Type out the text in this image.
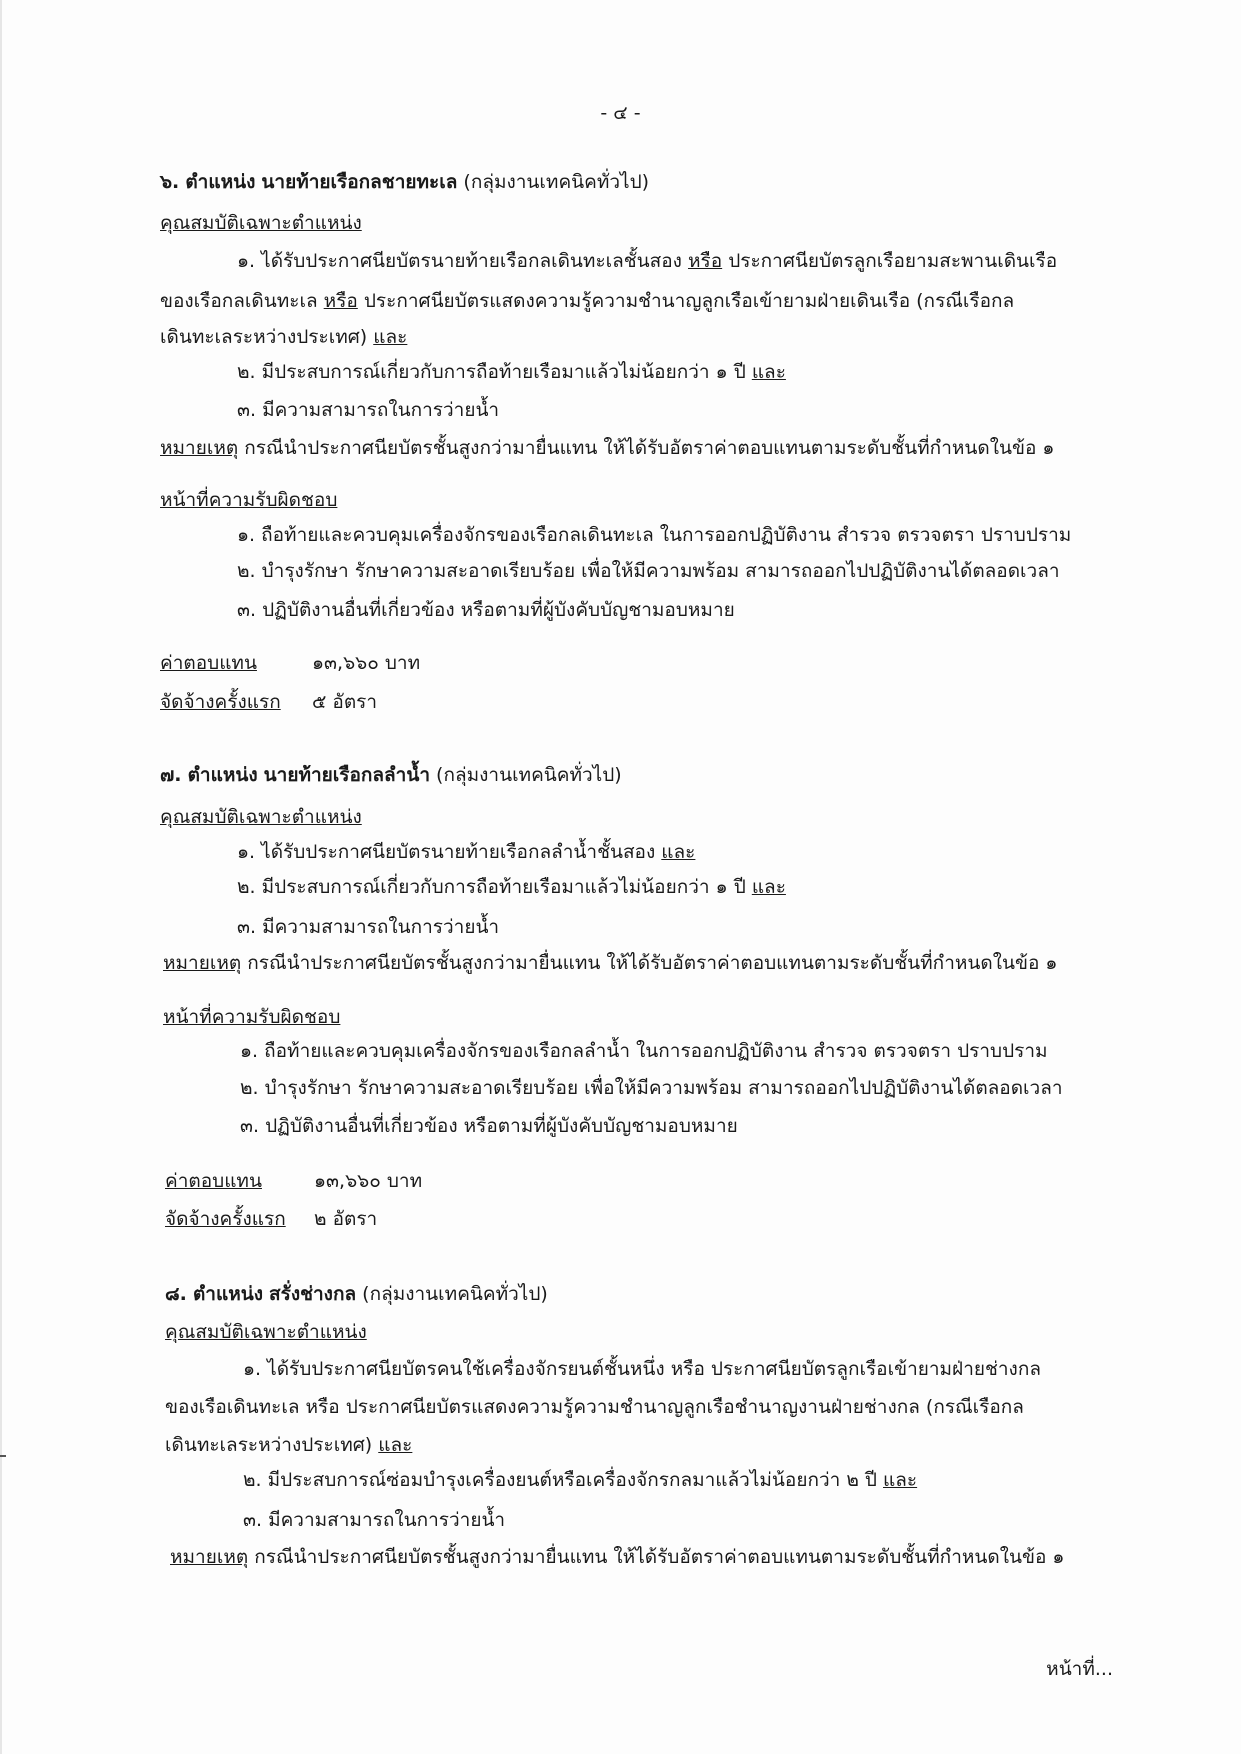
- ๔ -
๖. ตำแหน่ง นายท้ายเรือกลชายทะเล (กลุ่มงานเทคนิคทั่วไป)
คุณสมบัติเฉพาะตำแหน่ง
๑. ได้รับประกาศนียบัตรนายท้ายเรือกลเดินทะเลชั้นสอง หรือ ประกาศนียบัตรลูกเรือยามสะพานเดินเรือ
ของเรือกลเดินทะเล หรือ ประกาศนียบัตรแสดงความรู้ความชำนาญลูกเรือเข้ายามฝ่ายเดินเรือ (กรณีเรือกล
เดินทะเลระหว่างประเทศ) และ
๒. มีประสบการณ์เกี่ยวกับการถือท้ายเรือมาแล้วไม่น้อยกว่า ๑ ปี และ
๓. มีความสามารถในการว่ายน้ำ
หมายเหตุ กรณีนำประกาศนียบัตรชั้นสูงกว่ามายื่นแทน ให้ได้รับอัตราค่าตอบแทนตามระดับชั้นที่กำหนดในข้อ ๑
หน้าที่ความรับผิดชอบ
๑. ถือท้ายและควบคุมเครื่องจักรของเรือกลเดินทะเล ในการออกปฏิบัติงาน สำรวจ ตรวจตรา ปราบปราม
๒. บำรุงรักษา รักษาความสะอาดเรียบร้อย เพื่อให้มีความพร้อม สามารถออกไปปฏิบัติงานได้ตลอดเวลา
๓. ปฏิบัติงานอื่นที่เกี่ยวข้อง หรือตามที่ผู้บังคับบัญชามอบหมาย
ค่าตอบแทน	๑๓,๖๖๐ บาท
จัดจ้างครั้งแรก ๕ อัตรา
๗. ตำแหน่ง นายท้ายเรือกลลำน้ำ (กลุ่มงานเทคนิคทั่วไป)
คุณสมบัติเฉพาะตำแหน่ง
๑. ได้รับประกาศนียบัตรนายท้ายเรือกลลำน้ำชั้นสอง และ
๒. มีประสบการณ์เกี่ยวกับการถือท้ายเรือมาแล้วไม่น้อยกว่า ๑ ปี และ
๓. มีความสามารถในการว่ายน้ำ
หมายเหตุ กรณีนำประกาศนียบัตรชั้นสูงกว่ามายื่นแทน ให้ได้รับอัตราค่าตอบแทนตามระดับชั้นที่กำหนดในข้อ ๑
หน้าที่ความรับผิดชอบ
๑. ถือท้ายและควบคุมเครื่องจักรของเรือกลลำน้ำ ในการออกปฏิบัติงาน สำรวจ ตรวจตรา ปราบปราม
๒. บำรุงรักษา รักษาความสะอาดเรียบร้อย เพื่อให้มีความพร้อม สามารถออกไปปฏิบัติงานได้ตลอดเวลา
๓. ปฏิบัติงานอื่นที่เกี่ยวข้อง หรือตามที่ผู้บังคับบัญชามอบหมาย
ค่าตอบแทน	๑๓,๖๖๐ บาท
จัดจ้างครั้งแรก ๒ อัตรา
๘. ตำแหน่ง สรั่งช่างกล (กลุ่มงานเทคนิคทั่วไป)
คุณสมบัติเฉพาะตำแหน่ง
๑. ได้รับประกาศนียบัตรคนใช้เครื่องจักรยนต์ชั้นหนึ่ง หรือ ประกาศนียบัตรลูกเรือเข้ายามฝ่ายช่างกล
ของเรือเดินทะเล หรือ ประกาศนียบัตรแสดงความรู้ความชำนาญลูกเรือชำนาญงานฝ่ายช่างกล (กรณีเรือกล
เดินทะเลระหว่างประเทศ) และ
๒. มีประสบการณ์ซ่อมบำรุงเครื่องยนต์หรือเครื่องจักรกลมาแล้วไม่น้อยกว่า ๒ ปี และ
๓. มีความสามารถในการว่ายน้ำ
หมายเหตุ กรณีนำประกาศนียบัตรชั้นสูงกว่ามายื่นแทน ให้ได้รับอัตราค่าตอบแทนตามระดับชั้นที่กำหนดในข้อ ๑
หน้าที่...
